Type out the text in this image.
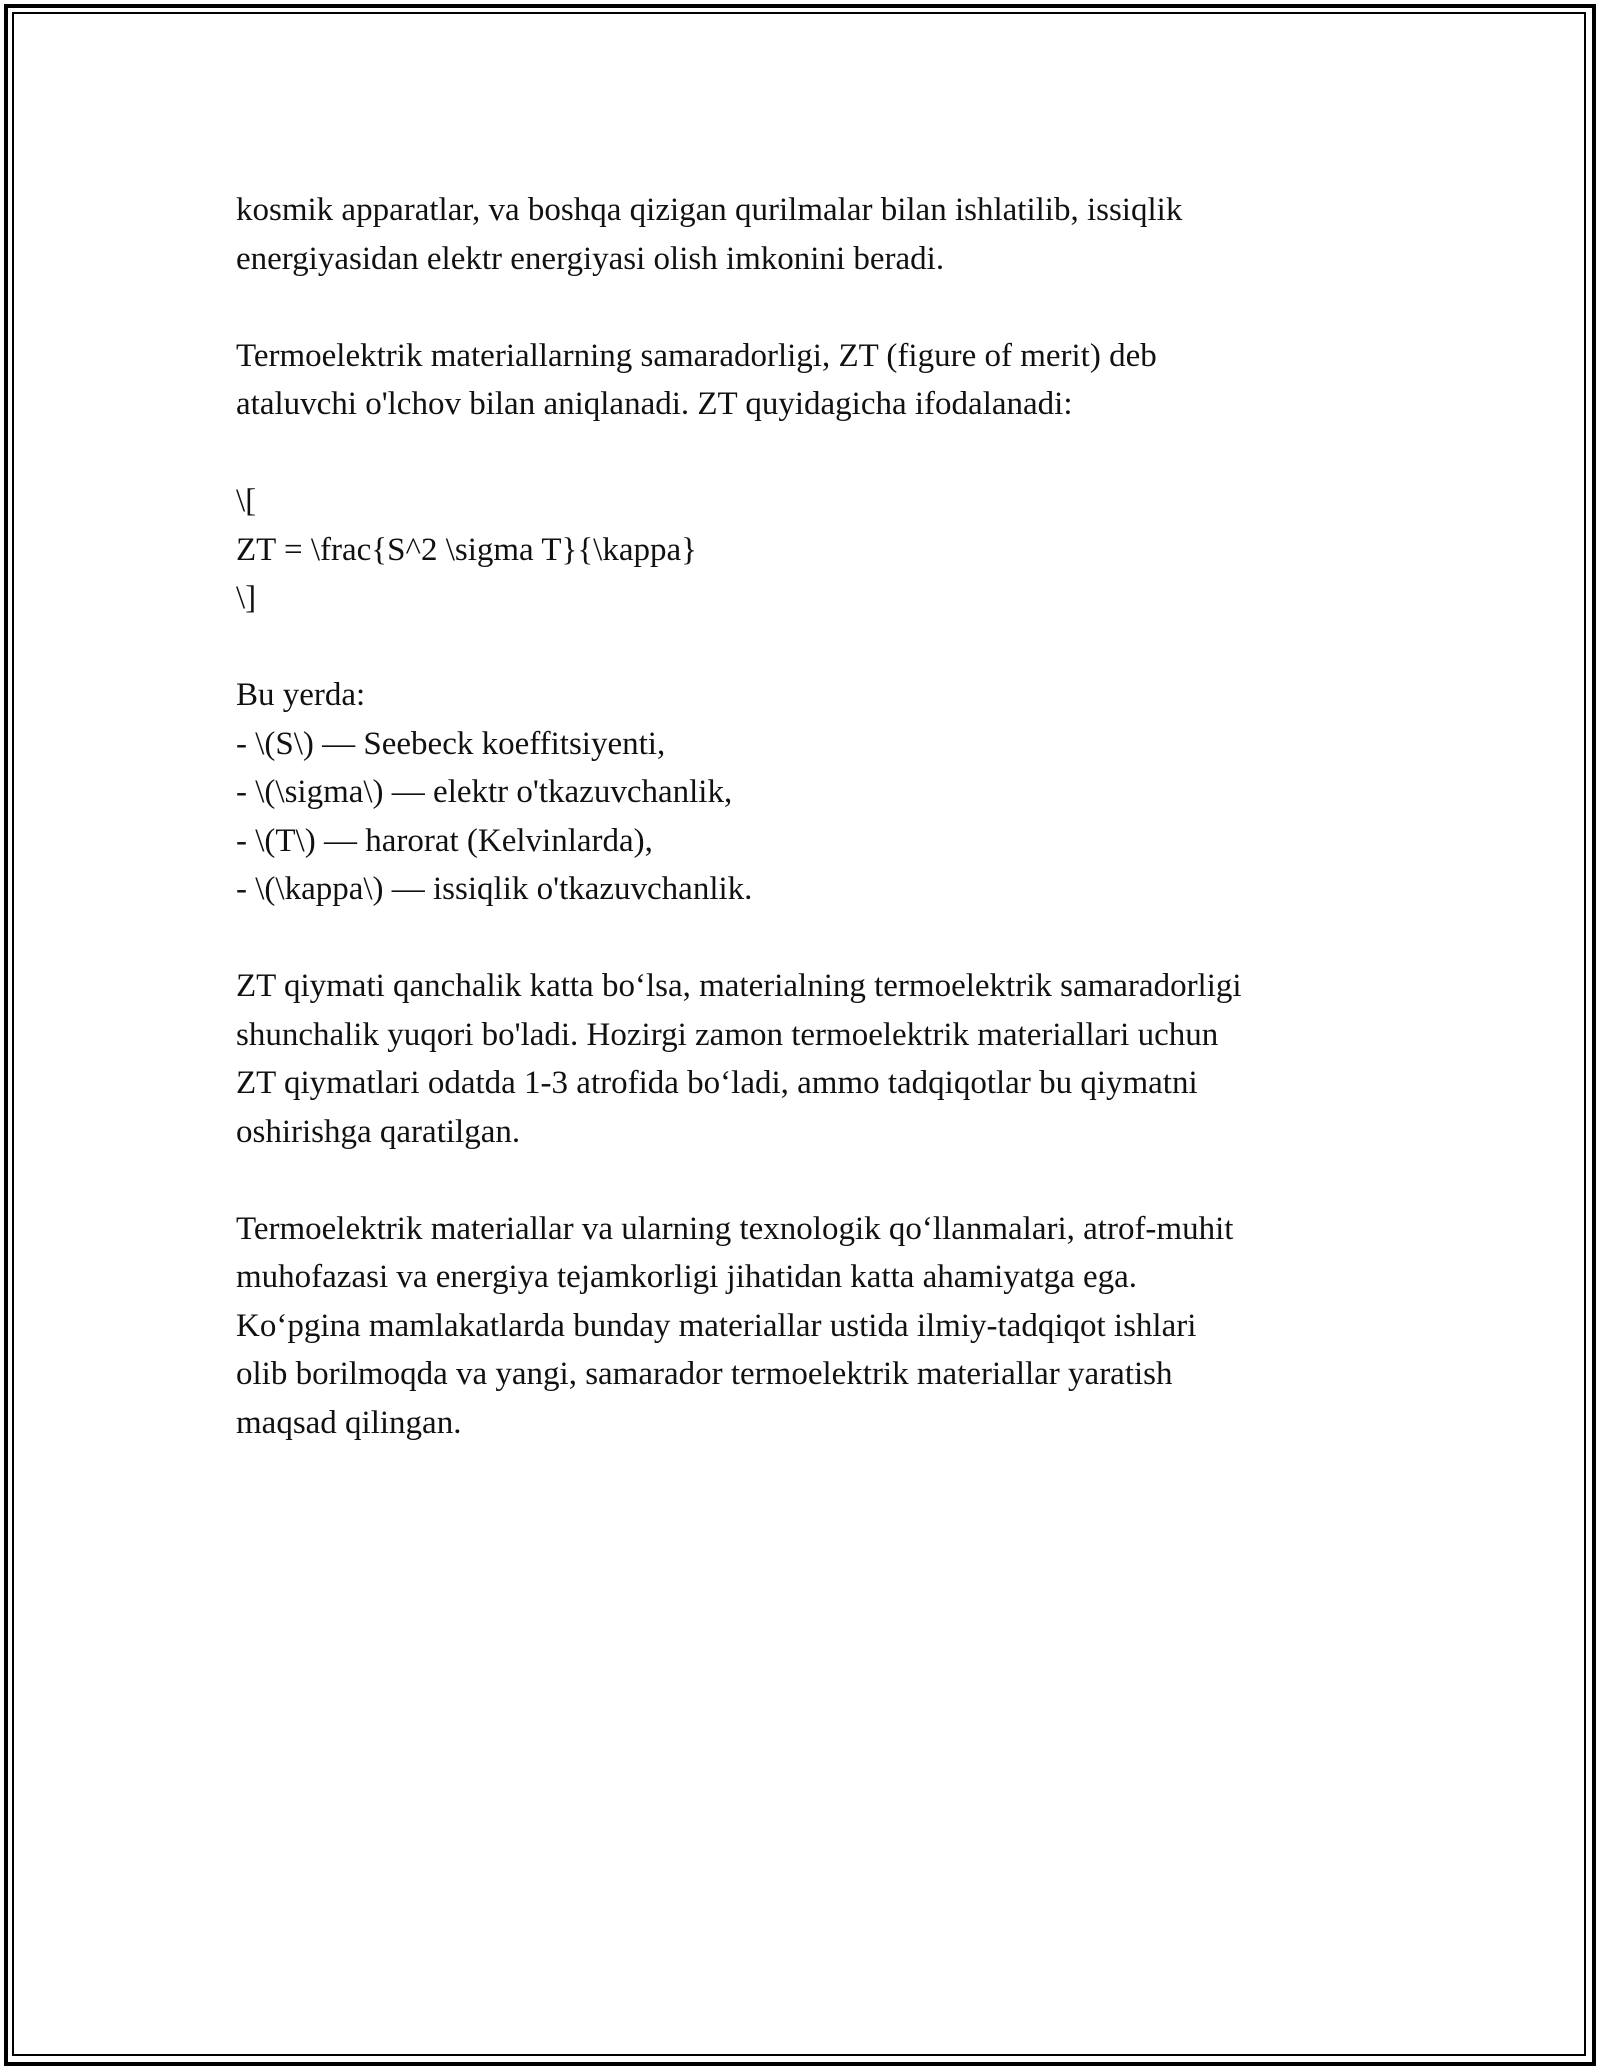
kosmik apparatlar, va boshqa qizigan qurilmalar bilan ishlatilib, issiqlik
energiyasidan elektr energiyasi olish imkonini beradi.

Termoelektrik materiallarning samaradorligi, ZT (figure of merit) deb
ataluvchi o'lchov bilan aniqlanadi. ZT quyidagicha ifodalanadi:

\[
ZT = \frac{S^2 \sigma T}{\kappa}
\]

Bu yerda:
- \(S\) — Seebeck koeffitsiyenti,
- \(\sigma\) — elektr o'tkazuvchanlik,
- \(T\) — harorat (Kelvinlarda),
- \(\kappa\) — issiqlik o'tkazuvchanlik.

ZT qiymati qanchalik katta bo‘lsa, materialning termoelektrik samaradorligi
shunchalik yuqori bo'ladi. Hozirgi zamon termoelektrik materiallari uchun
ZT qiymatlari odatda 1-3 atrofida bo‘ladi, ammo tadqiqotlar bu qiymatni
oshirishga qaratilgan.

Termoelektrik materiallar va ularning texnologik qo‘llanmalari, atrof-muhit
muhofazasi va energiya tejamkorligi jihatidan katta ahamiyatga ega.
Ko‘pgina mamlakatlarda bunday materiallar ustida ilmiy-tadqiqot ishlari
olib borilmoqda va yangi, samarador termoelektrik materiallar yaratish
maqsad qilingan.
